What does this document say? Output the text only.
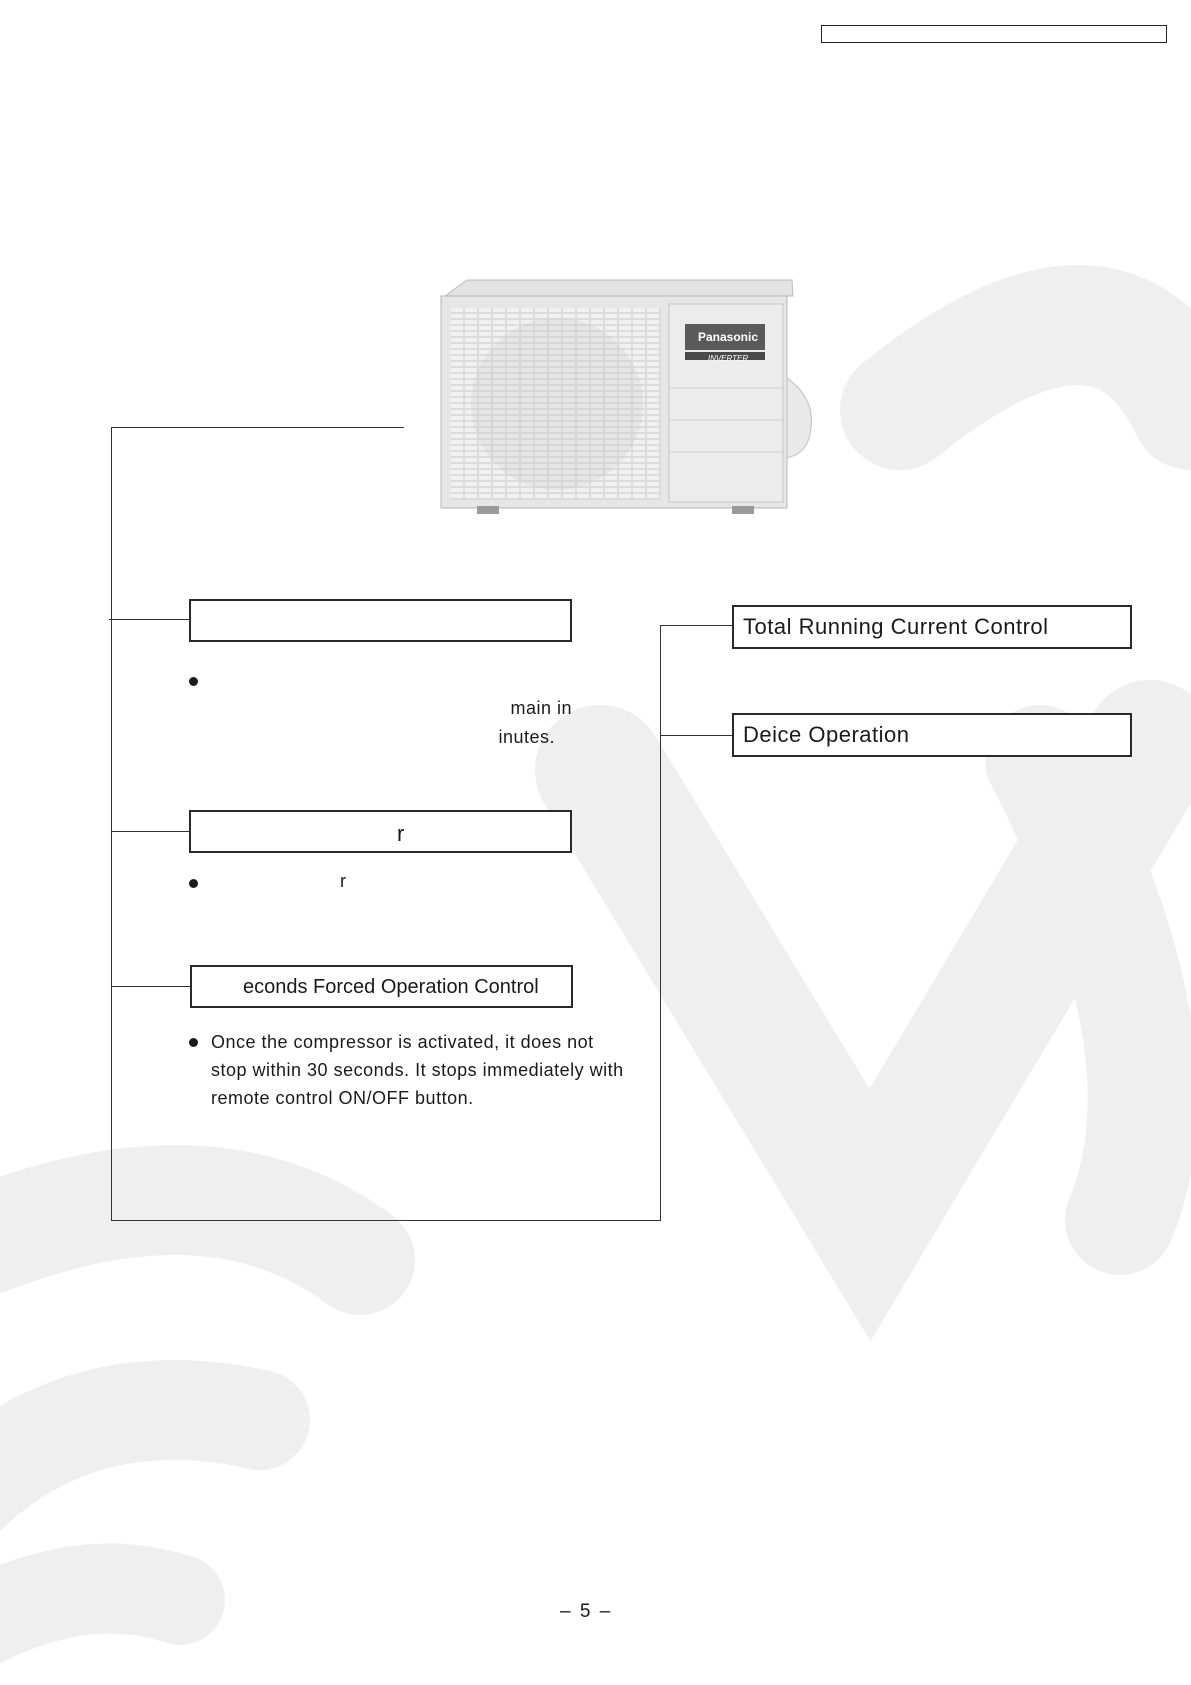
Panasonic
INVERTER
main in
inutes.
r
r
econds Forced Operation Control
Once the compressor is activated, it does not
stop within 30 seconds. It stops immediately with
remote control ON/OFF button.
Total Running Current Control
Deice Operation
– 5 –
